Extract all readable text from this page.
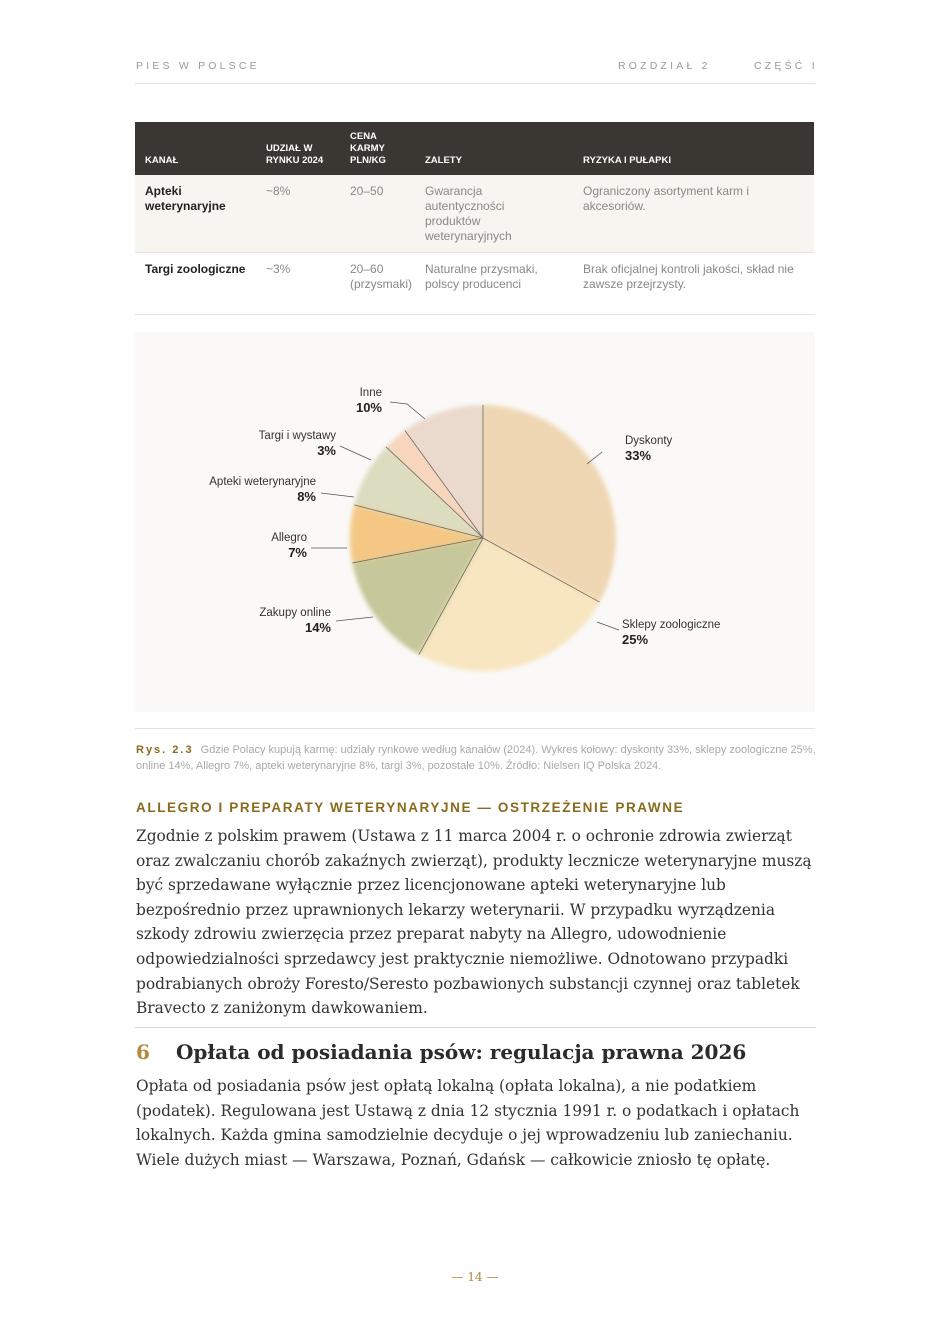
PIES W POLSCE	ROZDZIAŁ 2	CZĘŚĆ I
KANAŁ	UDZIAŁ W RYNKU 2024	CENA KARMY PLN/KG	ZALETY	RYZYKA I PUŁAPKI
Apteki weterynaryjne	~8%	20–50	Gwarancja autentyczności produktów weterynaryjnych	Ograniczony asortyment karm i akcesoriów.
Targi zoologiczne	~3%	20–60 (przysmaki)	Naturalne przysmaki, polscy producenci	Brak oficjalnej kontroli jakości, skład nie zawsze przejrzysty.
Dyskonty
33%
Sklepy zoologiczne
25%
Zakupy online
14%
Allegro
7%
Apteki weterynaryjne
8%
Targi i wystawy
3%
Inne
10%
Rys. 2.3 Gdzie Polacy kupują karmę: udziały rynkowe według kanałów (2024). Wykres kołowy: dyskonty 33%, sklepy zoologiczne 25%, online 14%, Allegro 7%, apteki weterynaryjne 8%, targi 3%, pozostałe 10%. Źródło: Nielsen IQ Polska 2024.
ALLEGRO I PREPARATY WETERYNARYJNE — OSTRZEŻENIE PRAWNE

Zgodnie z polskim prawem (Ustawa z 11 marca 2004 r. o ochronie zdrowia zwierząt oraz zwalczaniu chorób zakaźnych zwierząt), produkty lecznicze weterynaryjne muszą być sprzedawane wyłącznie przez licencjonowane apteki weterynaryjne lub bezpośrednio przez uprawnionych lekarzy weterynarii. W przypadku wyrządzenia szkody zdrowiu zwierzęcia przez preparat nabyty na Allegro, udowodnienie odpowiedzialności sprzedawcy jest praktycznie niemożliwe. Odnotowano przypadki podrabianych obroży Foresto/Seresto pozbawionych substancji czynnej oraz tabletek Bravecto z zaniżonym dawkowaniem.

6 Opłata od posiadania psów: regulacja prawna 2026

Opłata od posiadania psów jest opłatą lokalną (opłata lokalna), a nie podatkiem (podatek). Regulowana jest Ustawą z dnia 12 stycznia 1991 r. o podatkach i opłatach lokalnych. Każda gmina samodzielnie decyduje o jej wprowadzeniu lub zaniechaniu. Wiele dużych miast — Warszawa, Poznań, Gdańsk — całkowicie zniosło tę opłatę.

— 14 —
